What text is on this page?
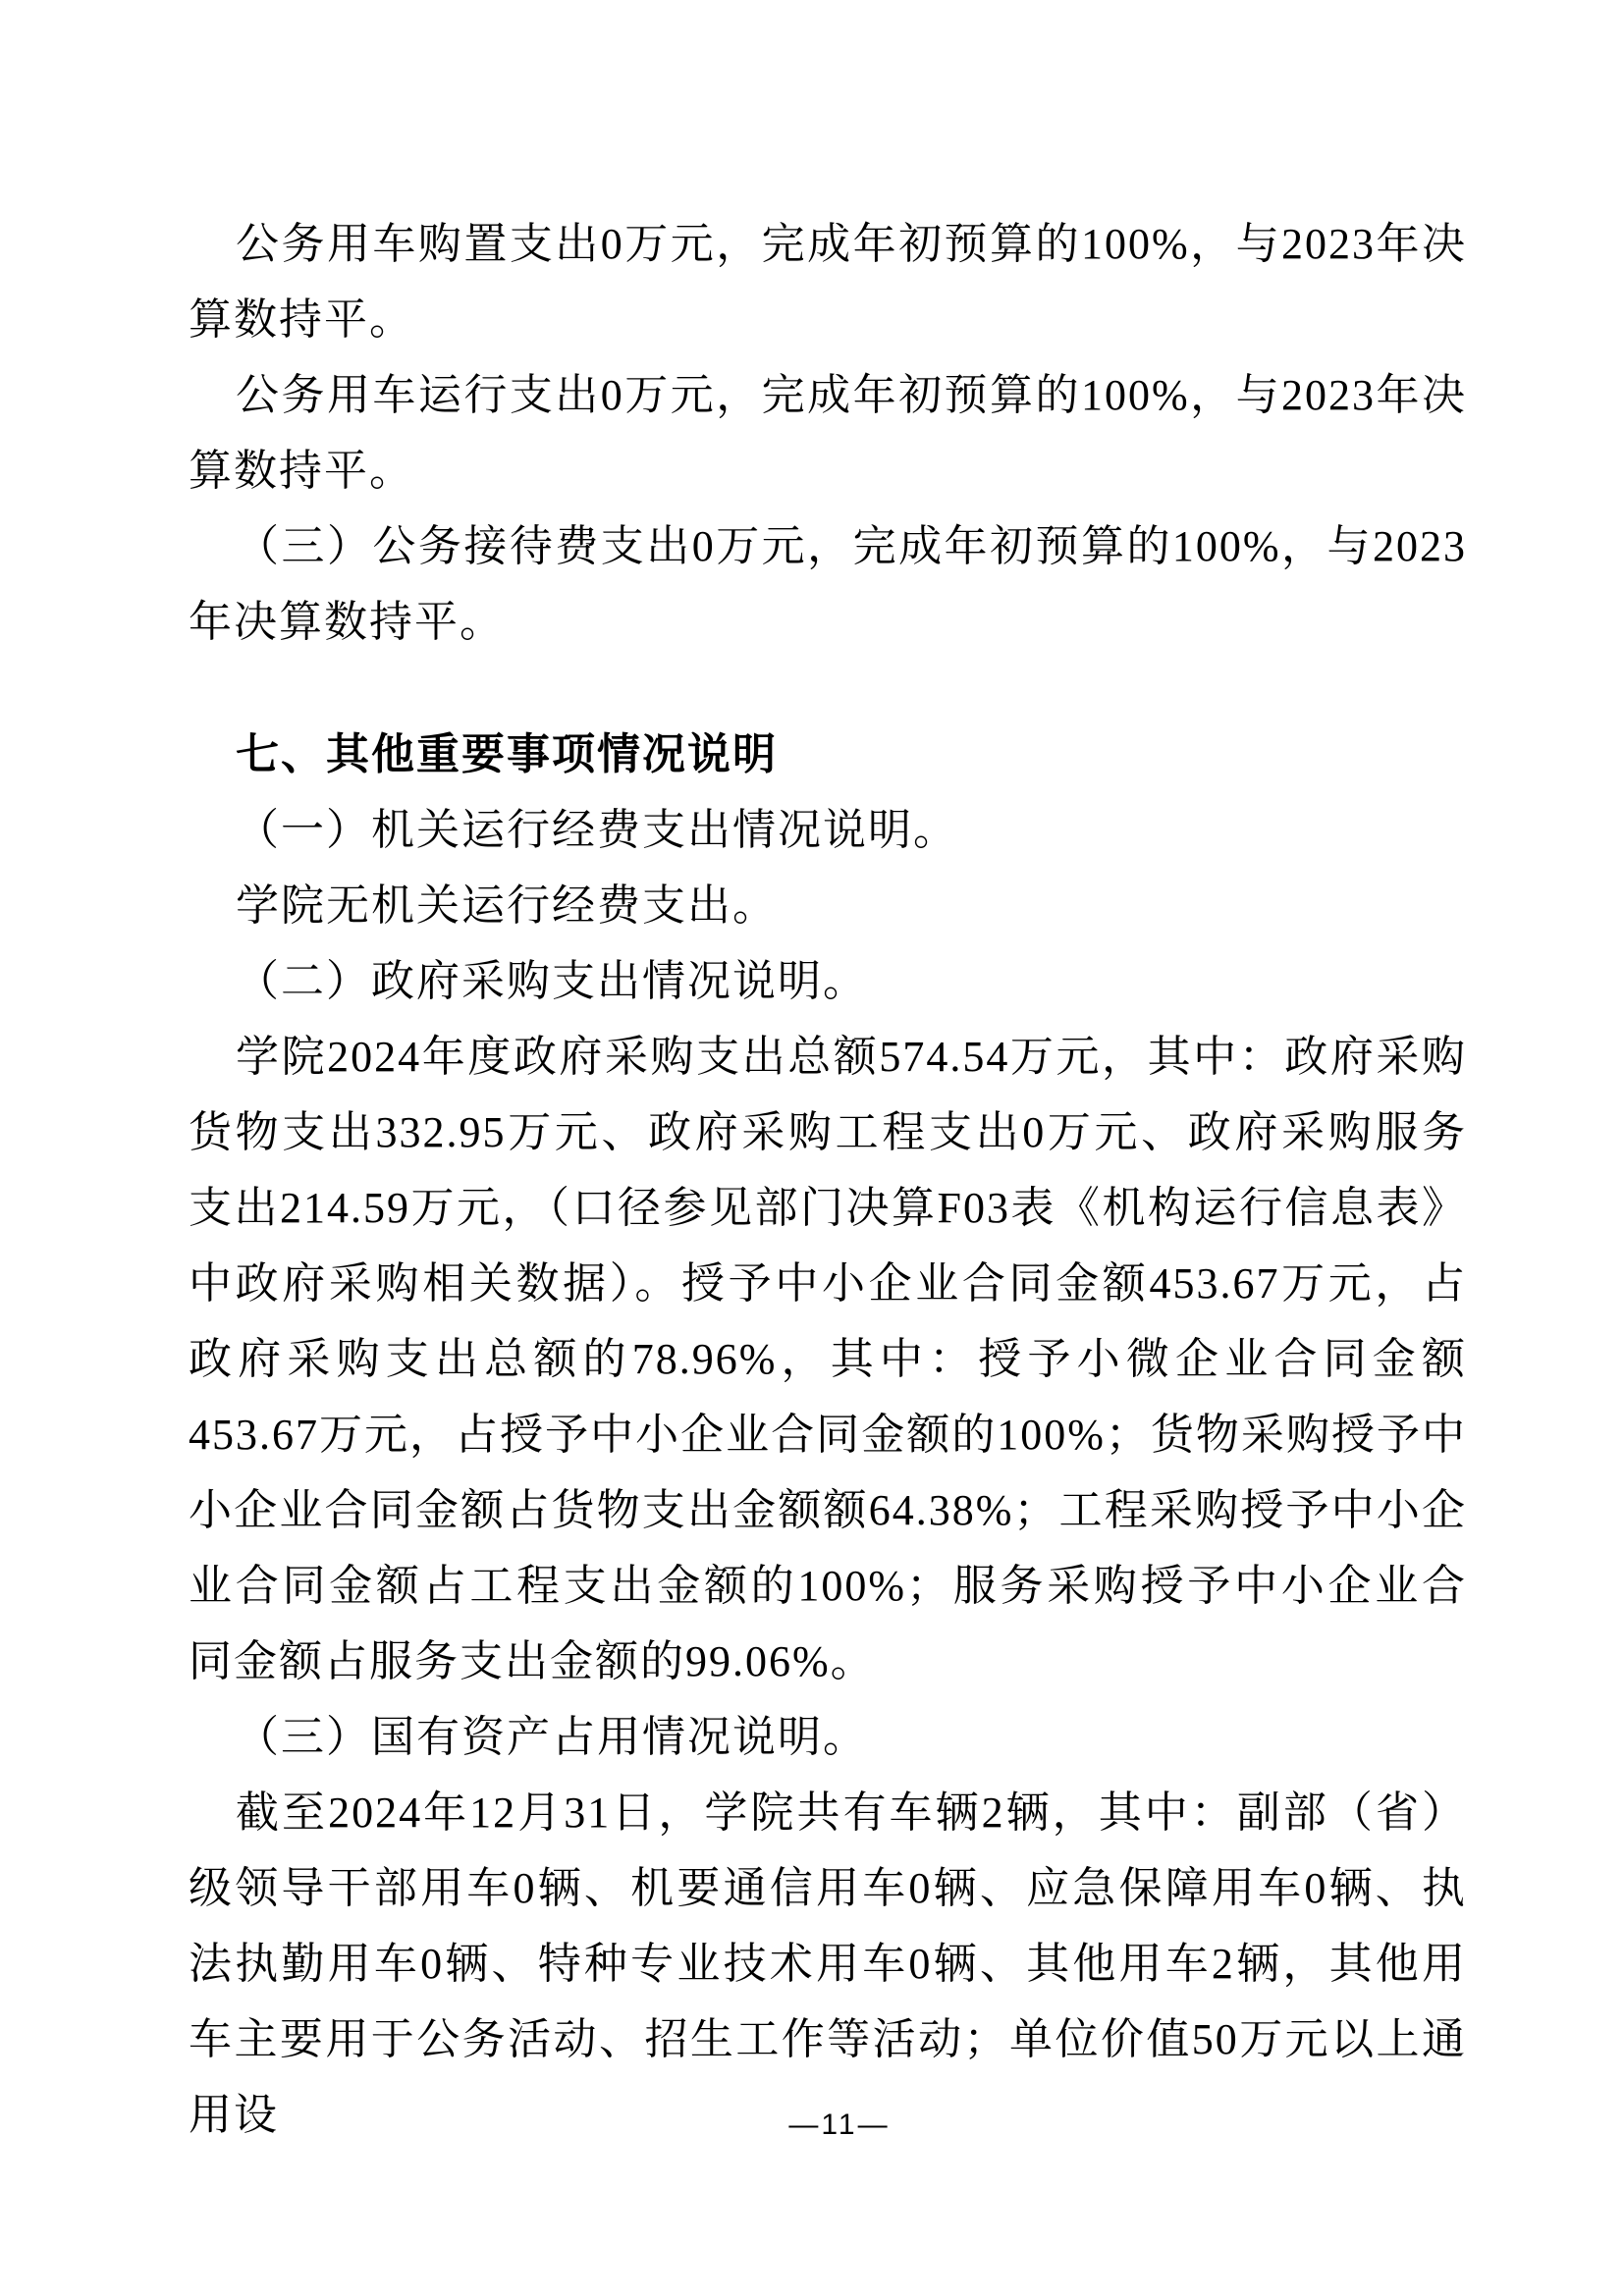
公务用车购置支出0万元，完成年初预算的100%，与2023年决算数持平。

公务用车运行支出0万元，完成年初预算的100%，与2023年决算数持平。

（三）公务接待费支出0万元，完成年初预算的100%，与2023年决算数持平。

七、其他重要事项情况说明

（一）机关运行经费支出情况说明。

学院无机关运行经费支出。

（二）政府采购支出情况说明。

学院2024年度政府采购支出总额574.54万元，其中：政府采购货物支出332.95万元、政府采购工程支出0万元、政府采购服务支出214.59万元，（口径参见部门决算F03表《机构运行信息表》中政府采购相关数据）。授予中小企业合同金额453.67万元，占政府采购支出总额的78.96%，其中：授予小微企业合同金额453.67万元，占授予中小企业合同金额的100%；货物采购授予中小企业合同金额占货物支出金额额64.38%；工程采购授予中小企业合同金额占工程支出金额的100%；服务采购授予中小企业合同金额占服务支出金额的99.06%。

（三）国有资产占用情况说明。

截至2024年12月31日，学院共有车辆2辆，其中：副部（省）级领导干部用车0辆、机要通信用车0辆、应急保障用车0辆、执法执勤用车0辆、特种专业技术用车0辆、其他用车2辆，其他用车主要用于公务活动、招生工作等活动；单位价值50万元以上通用设	—11—
